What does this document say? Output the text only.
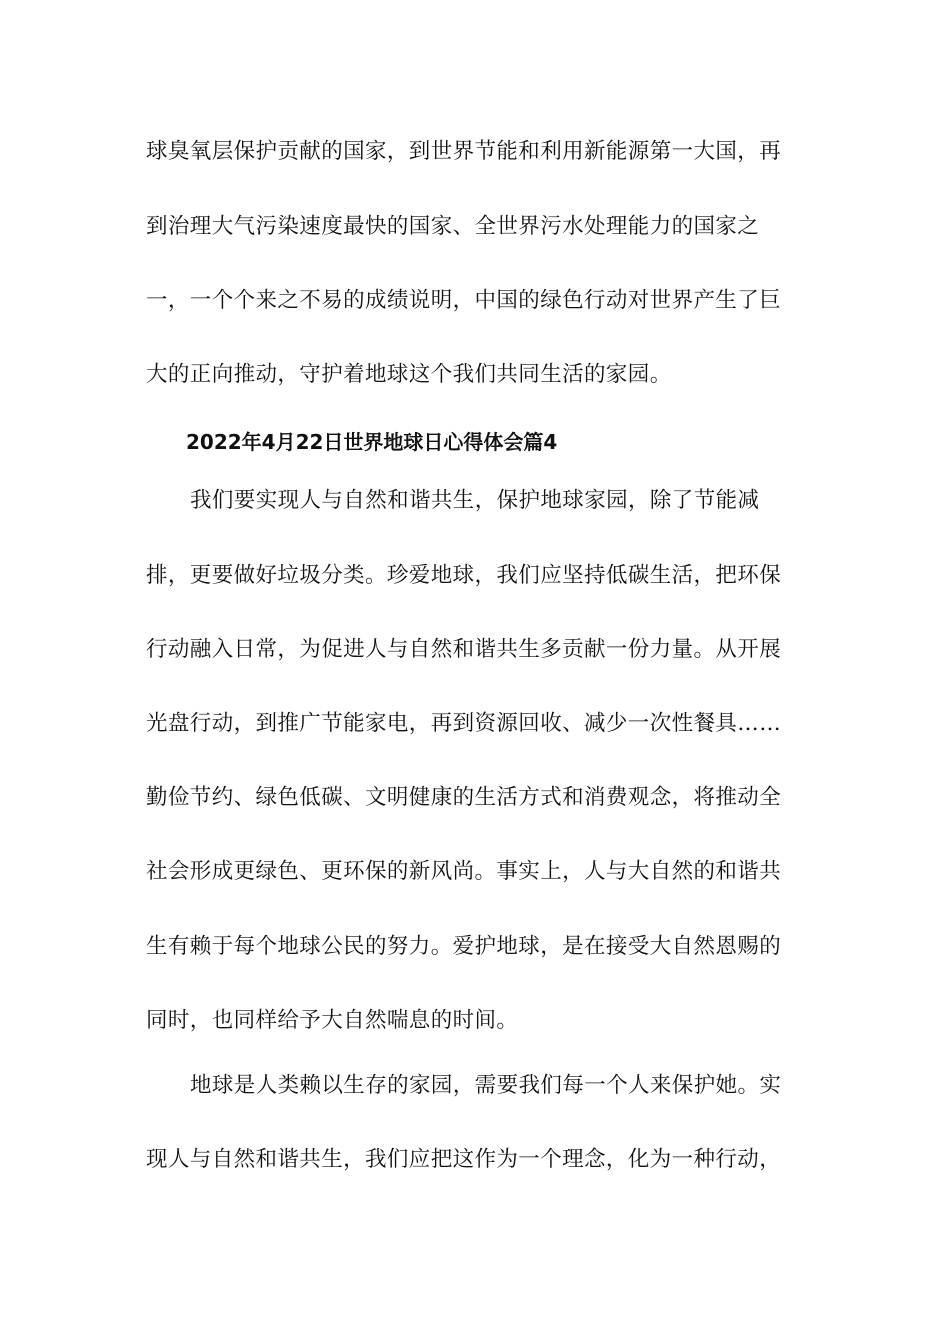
球臭氧层保护贡献的国家，到世界节能和利用新能源第一大国，再
到治理大气污染速度最快的国家、全世界污水处理能力的国家之
一，一个个来之不易的成绩说明，中国的绿色行动对世界产生了巨
大的正向推动，守护着地球这个我们共同生活的家园。
2022年4月22日世界地球日心得体会篇4
我们要实现人与自然和谐共生，保护地球家园，除了节能减
排，更要做好垃圾分类。珍爱地球，我们应坚持低碳生活，把环保
行动融入日常，为促进人与自然和谐共生多贡献一份力量。从开展
光盘行动，到推广节能家电，再到资源回收、减少一次性餐具……
勤俭节约、绿色低碳、文明健康的生活方式和消费观念，将推动全
社会形成更绿色、更环保的新风尚。事实上，人与大自然的和谐共
生有赖于每个地球公民的努力。爱护地球，是在接受大自然恩赐的
同时，也同样给予大自然喘息的时间。
地球是人类赖以生存的家园，需要我们每一个人来保护她。实
现人与自然和谐共生，我们应把这作为一个理念，化为一种行动，
